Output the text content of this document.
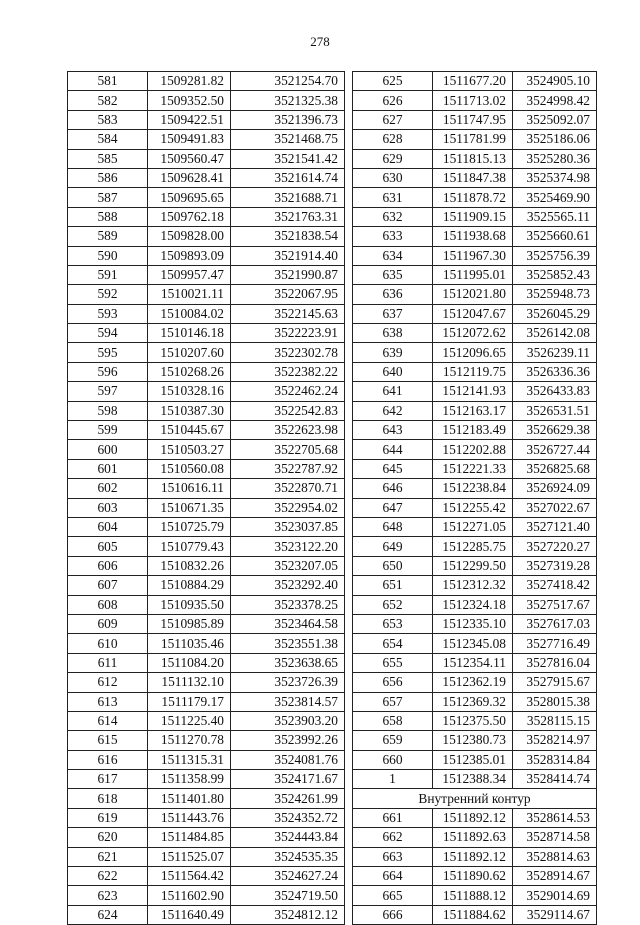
278
581	1509281.82	3521254.70
582	1509352.50	3521325.38
583	1509422.51	3521396.73
584	1509491.83	3521468.75
585	1509560.47	3521541.42
586	1509628.41	3521614.74
587	1509695.65	3521688.71
588	1509762.18	3521763.31
589	1509828.00	3521838.54
590	1509893.09	3521914.40
591	1509957.47	3521990.87
592	1510021.11	3522067.95
593	1510084.02	3522145.63
594	1510146.18	3522223.91
595	1510207.60	3522302.78
596	1510268.26	3522382.22
597	1510328.16	3522462.24
598	1510387.30	3522542.83
599	1510445.67	3522623.98
600	1510503.27	3522705.68
601	1510560.08	3522787.92
602	1510616.11	3522870.71
603	1510671.35	3522954.02
604	1510725.79	3523037.85
605	1510779.43	3523122.20
606	1510832.26	3523207.05
607	1510884.29	3523292.40
608	1510935.50	3523378.25
609	1510985.89	3523464.58
610	1511035.46	3523551.38
611	1511084.20	3523638.65
612	1511132.10	3523726.39
613	1511179.17	3523814.57
614	1511225.40	3523903.20
615	1511270.78	3523992.26
616	1511315.31	3524081.76
617	1511358.99	3524171.67
618	1511401.80	3524261.99
619	1511443.76	3524352.72
620	1511484.85	3524443.84
621	1511525.07	3524535.35
622	1511564.42	3524627.24
623	1511602.90	3524719.50
624	1511640.49	3524812.12
625	1511677.20	3524905.10
626	1511713.02	3524998.42
627	1511747.95	3525092.07
628	1511781.99	3525186.06
629	1511815.13	3525280.36
630	1511847.38	3525374.98
631	1511878.72	3525469.90
632	1511909.15	3525565.11
633	1511938.68	3525660.61
634	1511967.30	3525756.39
635	1511995.01	3525852.43
636	1512021.80	3525948.73
637	1512047.67	3526045.29
638	1512072.62	3526142.08
639	1512096.65	3526239.11
640	1512119.75	3526336.36
641	1512141.93	3526433.83
642	1512163.17	3526531.51
643	1512183.49	3526629.38
644	1512202.88	3526727.44
645	1512221.33	3526825.68
646	1512238.84	3526924.09
647	1512255.42	3527022.67
648	1512271.05	3527121.40
649	1512285.75	3527220.27
650	1512299.50	3527319.28
651	1512312.32	3527418.42
652	1512324.18	3527517.67
653	1512335.10	3527617.03
654	1512345.08	3527716.49
655	1512354.11	3527816.04
656	1512362.19	3527915.67
657	1512369.32	3528015.38
658	1512375.50	3528115.15
659	1512380.73	3528214.97
660	1512385.01	3528314.84
1	1512388.34	3528414.74
Внутренний контур		
661	1511892.12	3528614.53
662	1511892.63	3528714.58
663	1511892.12	3528814.63
664	1511890.62	3528914.67
665	1511888.12	3529014.69
666	1511884.62	3529114.67
